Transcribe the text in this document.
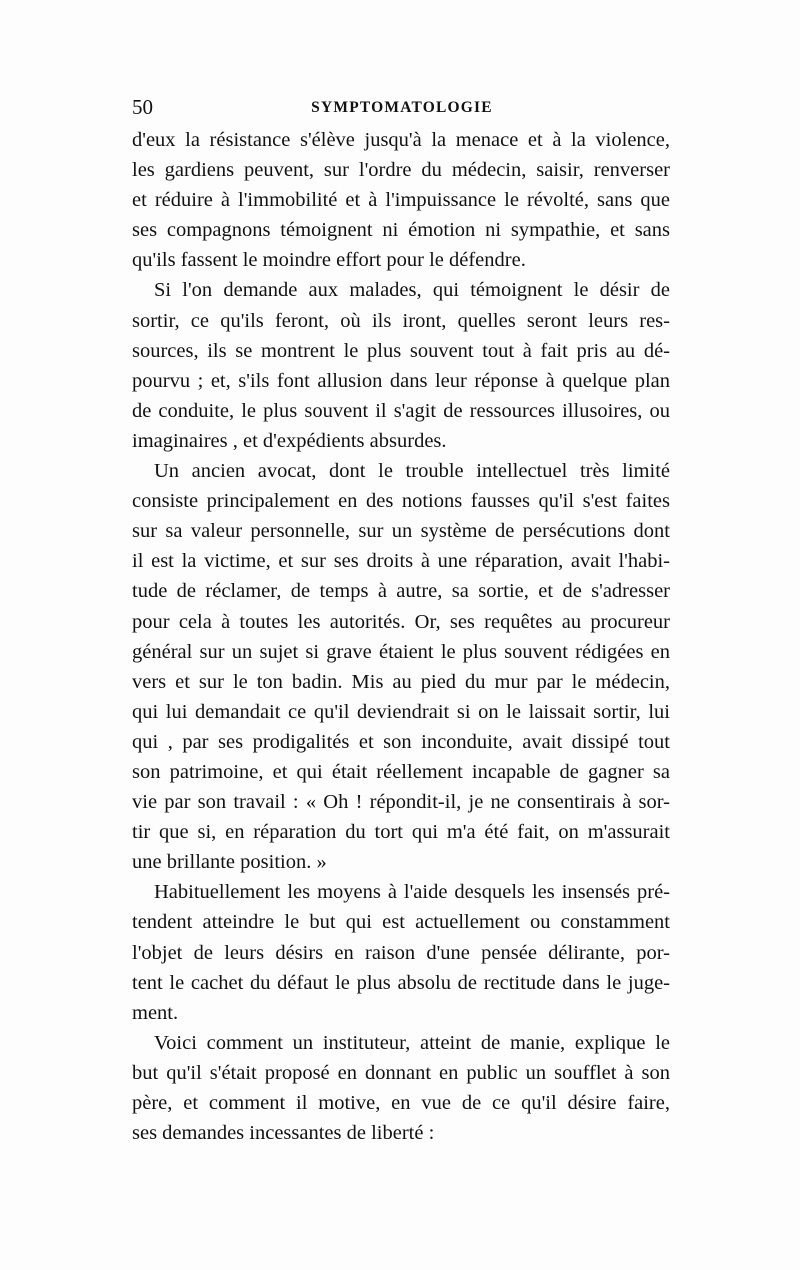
50	SYMPTOMATOLOGIE
d'eux la résistance s'élève jusqu'à la menace et à la violence,
les gardiens peuvent, sur l'ordre du médecin, saisir, renverser
et réduire à l'immobilité et à l'impuissance le révolté, sans que
ses compagnons témoignent ni émotion ni sympathie, et sans
qu'ils fassent le moindre effort pour le défendre.
Si l'on demande aux malades, qui témoignent le désir de
sortir, ce qu'ils feront, où ils iront, quelles seront leurs res-
sources, ils se montrent le plus souvent tout à fait pris au dé-
pourvu ; et, s'ils font allusion dans leur réponse à quelque plan
de conduite, le plus souvent il s'agit de ressources illusoires, ou
imaginaires , et d'expédients absurdes.
Un ancien avocat, dont le trouble intellectuel très limité
consiste principalement en des notions fausses qu'il s'est faites
sur sa valeur personnelle, sur un système de persécutions dont
il est la victime, et sur ses droits à une réparation, avait l'habi-
tude de réclamer, de temps à autre, sa sortie, et de s'adresser
pour cela à toutes les autorités. Or, ses requêtes au procureur
général sur un sujet si grave étaient le plus souvent rédigées en
vers et sur le ton badin. Mis au pied du mur par le médecin,
qui lui demandait ce qu'il deviendrait si on le laissait sortir, lui
qui , par ses prodigalités et son inconduite, avait dissipé tout
son patrimoine, et qui était réellement incapable de gagner sa
vie par son travail : « Oh ! répondit-il, je ne consentirais à sor-
tir que si, en réparation du tort qui m'a été fait, on m'assurait
une brillante position. »
Habituellement les moyens à l'aide desquels les insensés pré-
tendent atteindre le but qui est actuellement ou constamment
l'objet de leurs désirs en raison d'une pensée délirante, por-
tent le cachet du défaut le plus absolu de rectitude dans le juge-
ment.
Voici comment un instituteur, atteint de manie, explique le
but qu'il s'était proposé en donnant en public un soufflet à son
père, et comment il motive, en vue de ce qu'il désire faire,
ses demandes incessantes de liberté :
